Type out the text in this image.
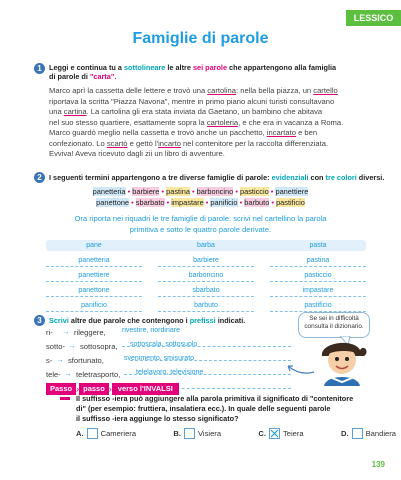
LESSICO
Famiglie di parole
1 Leggi e continua tu a sottolineare le altre sei parole che appartengono alla famiglia
di parole di "carta".
Marco aprì la cassetta delle lettere e trovò una cartolina: nella bella piazza, un cartello
riportava la scritta "Piazza Navona", mentre in primo piano alcuni turisti consultavano
una cartina. La cartolina gli era stata inviata da Gaetano, un bambino che abitava
nel suo stesso quartiere, esattamente sopra la cartoleria, e che era in vacanza a Roma.
Marco guardò meglio nella cassetta e trovò anche un pacchetto, incartato e ben
confezionato. Lo scartò e gettò l'incarto nel contenitore per la raccolta differenziata.
Evviva! Aveva ricevuto dagli zii un libro di avventure.
2 I seguenti termini appartengono a tre diverse famiglie di parole: evidenziali con tre colori diversi.
panetteria • barbiere • pastina • barboncino • pasticcio • panettiere
panettone • sbarbato • impastare • panificio • barbuto • pastificio
Ora riporta nei riquadri le tre famiglie di parole: scrivi nel cartellino la parola
primitiva e sotto le quattro parole derivate.
pane
panetteria
panettiere
panettone
panificio
barba
barbiere
barboncino
sbarbato
barbuto
pasta
pastina
pasticcio
impastare
pastificio
3 Scrivi altre due parole che contengono i prefissi indicati.	Se sei in difficoltà consulta il dizionario.
ri- → rileggere, rivestire, riordinare
sotto- → sottosopra, sottoscala, sottosuolo
s- → sfortunato,	svenimento, smisurato
tele- → teletrasporto, telelavoro, televisione
Passo › passo › verso l'INVALSI
Il suffisso -iera può aggiungere alla parola primitiva il significato di "contenitore
di" (per esempio: fruttiera, insalatiera ecc.). In quale delle seguenti parole
il suffisso -iera aggiunge lo stesso significato?
A. Cameriera	B. Visiera	C. Teiera	D. Bandiera
139
